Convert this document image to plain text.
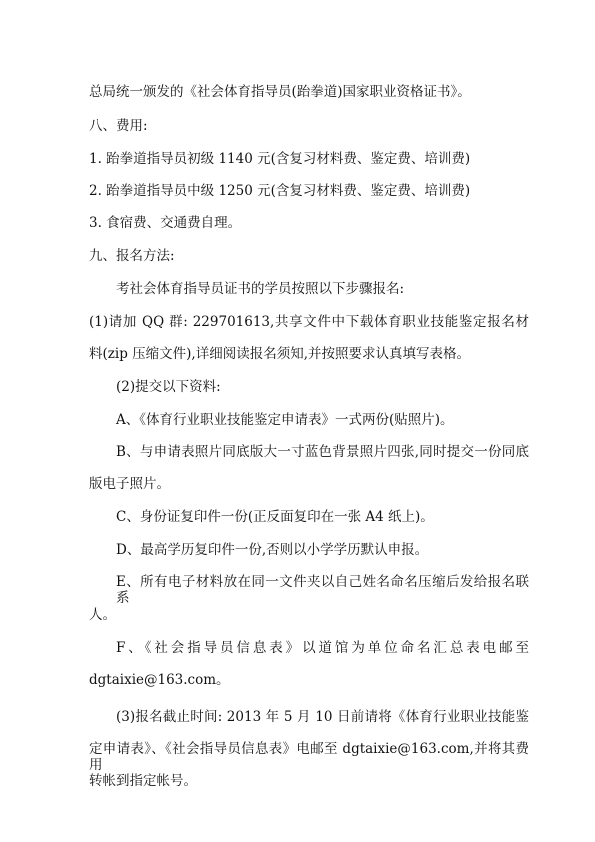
总局统一颁发的《社会体育指导员(跆拳道)国家职业资格证书》。
八、费用:
1. 跆拳道指导员初级 1140 元(含复习材料费、鉴定费、培训费)
2. 跆拳道指导员中级 1250 元(含复习材料费、鉴定费、培训费)
3. 食宿费、交通费自理。
九、报名方法:
考社会体育指导员证书的学员按照以下步骤报名:
(1)请加 QQ 群: 229701613,共享文件中下载体育职业技能鉴定报名材
料(zip 压缩文件),详细阅读报名须知,并按照要求认真填写表格。
(2)提交以下资料:
A、《体育行业职业技能鉴定申请表》一式两份(贴照片)。
B、与申请表照片同底版大一寸蓝色背景照片四张,同时提交一份同底
版电子照片。
C、身份证复印件一份(正反面复印在一张 A4 纸上)。
D、最高学历复印件一份,否则以小学学历默认申报。
E、所有电子材料放在同一文件夹以自己姓名命名压缩后发给报名联系
人。
F、《社会指导员信息表》以道馆为单位命名汇总表电邮至
dgtaixie@163.com。
(3)报名截止时间: 2013 年 5 月 10 日前请将《体育行业职业技能鉴
定申请表》、《社会指导员信息表》电邮至 dgtaixie@163.com,并将其费用
转帐到指定帐号。
